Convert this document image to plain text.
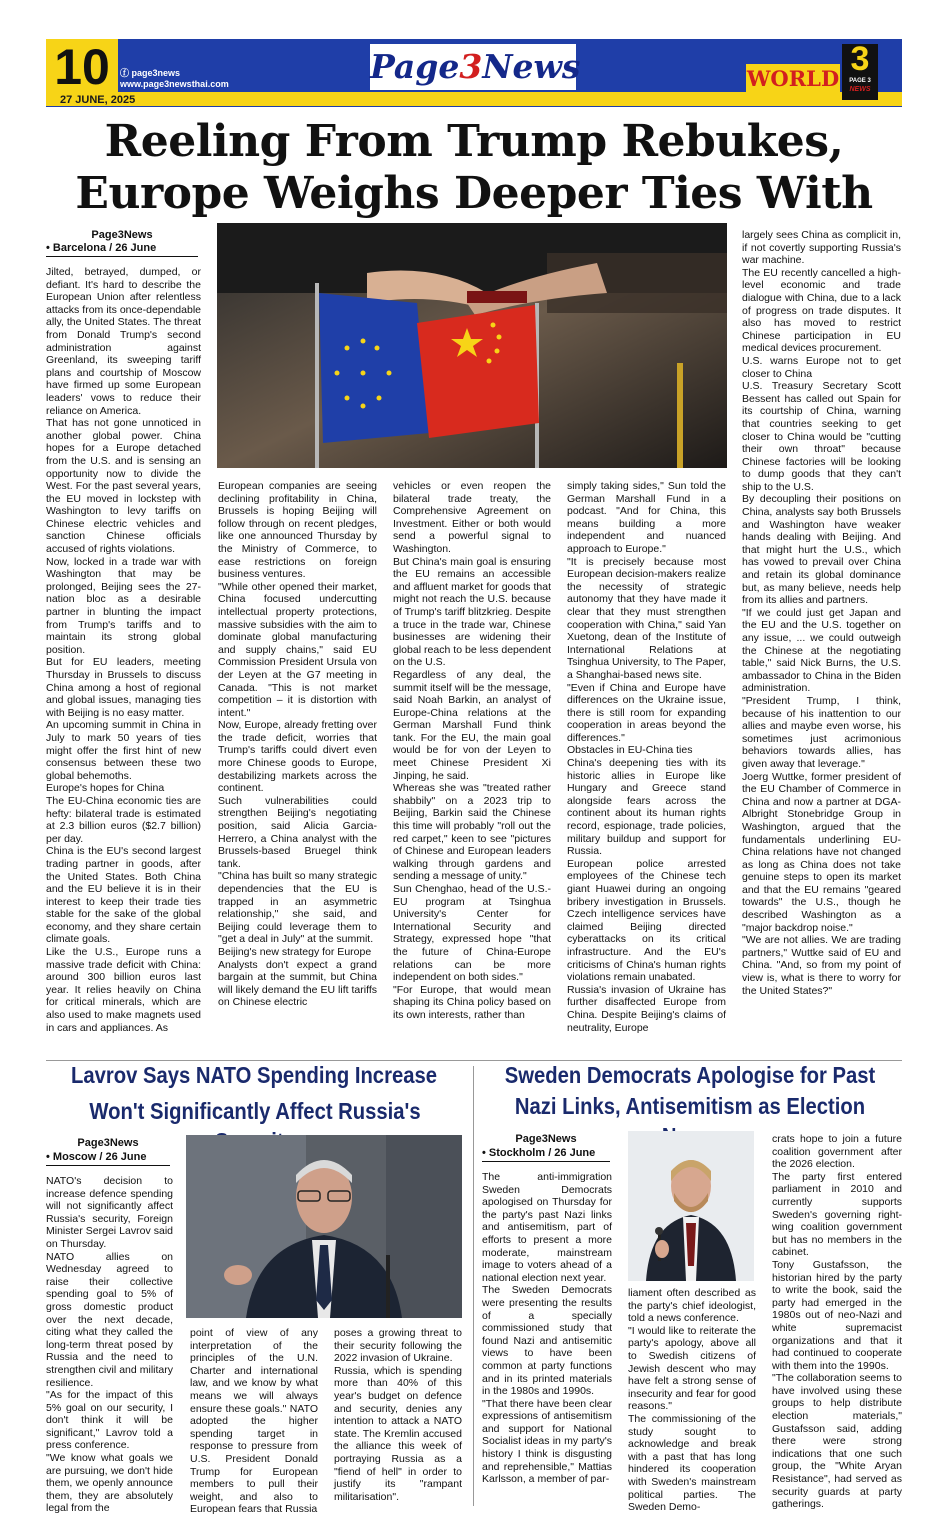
10	ⓕ page3news
www.page3newsthai.com
27 JUNE, 2025
Page3News	WORLD
3
PAGE 3
NEWS
Reeling From Trump Rebukes,
Europe Weighs Deeper Ties With
Page3News
• Barcelona / 26 June

Jilted, betrayed, dumped, or defiant. It's hard to describe the European Union after relentless attacks from its once-dependable ally, the United States. The threat from Donald Trump's second administration against Greenland, its sweeping tariff plans and courtship of Moscow have firmed up some European leaders' vows to reduce their reliance on America.
That has not gone unnoticed in another global power. China hopes for a Europe detached from the U.S. and is sensing an opportunity now to divide the West. For the past several years, the EU moved in lockstep with Washington to levy tariffs on Chinese electric vehicles and sanction Chinese officials accused of rights violations.
Now, locked in a trade war with Washington that may be prolonged, Beijing sees the 27-nation bloc as a desirable partner in blunting the impact from Trump's tariffs and to maintain its strong global position.
But for EU leaders, meeting Thursday in Brussels to discuss China among a host of regional and global issues, managing ties with Beijing is no easy matter.
An upcoming summit in China in July to mark 50 years of ties might offer the first hint of new consensus between these two global behemoths.
Europe's hopes for China
The EU-China economic ties are hefty: bilateral trade is estimated at 2.3 billion euros ($2.7 billion) per day.
China is the EU's second largest trading partner in goods, after the United States. Both China and the EU believe it is in their interest to keep their trade ties stable for the sake of the global economy, and they share certain climate goals.
Like the U.S., Europe runs a massive trade deficit with China: around 300 billion euros last year. It relies heavily on China for critical minerals, which are also used to make magnets used in cars and appliances. As

European companies are seeing declining profitability in China, Brussels is hoping Beijing will follow through on recent pledges, like one announced Thursday by the Ministry of Commerce, to ease restrictions on foreign business ventures.
"While other opened their market, China focused undercutting intellectual property protections, massive subsidies with the aim to dominate global manufacturing and supply chains," said EU Commission President Ursula von der Leyen at the G7 meeting in Canada. "This is not market competition – it is distortion with intent."
Now, Europe, already fretting over the trade deficit, worries that Trump's tariffs could divert even more Chinese goods to Europe, destabilizing markets across the continent.
Such vulnerabilities could strengthen Beijing's negotiating position, said Alicia Garcia-Herrero, a China analyst with the Brussels-based Bruegel think tank.
"China has built so many strategic dependencies that the EU is trapped in an asymmetric relationship," she said, and Beijing could leverage them to "get a deal in July" at the summit.
Beijing's new strategy for Europe
Analysts don't expect a grand bargain at the summit, but China will likely demand the EU lift tariffs on Chinese electric

vehicles or even reopen the bilateral trade treaty, the Comprehensive Agreement on Investment. Either or both would send a powerful signal to Washington.
But China's main goal is ensuring the EU remains an accessible and affluent market for goods that might not reach the U.S. because of Trump's tariff blitzkrieg. Despite a truce in the trade war, Chinese businesses are widening their global reach to be less dependent on the U.S.
Regardless of any deal, the summit itself will be the message, said Noah Barkin, an analyst of Europe-China relations at the German Marshall Fund think tank. For the EU, the main goal would be for von der Leyen to meet Chinese President Xi Jinping, he said.
Whereas she was "treated rather shabbily" on a 2023 trip to Beijing, Barkin said the Chinese this time will probably "roll out the red carpet," keen to see "pictures of Chinese and European leaders walking through gardens and sending a message of unity."
Sun Chenghao, head of the U.S.-EU program at Tsinghua University's Center for International Security and Strategy, expressed hope "that the future of China-Europe relations can be more independent on both sides."
"For Europe, that would mean shaping its China policy based on its own interests, rather than

simply taking sides," Sun told the German Marshall Fund in a podcast. "And for China, this means building a more independent and nuanced approach to Europe."
"It is precisely because most European decision-makers realize the necessity of strategic autonomy that they have made it clear that they must strengthen cooperation with China," said Yan Xuetong, dean of the Institute of International Relations at Tsinghua University, to The Paper, a Shanghai-based news site.
"Even if China and Europe have differences on the Ukraine issue, there is still room for expanding cooperation in areas beyond the differences."
Obstacles in EU-China ties
China's deepening ties with its historic allies in Europe like Hungary and Greece stand alongside fears across the continent about its human rights record, espionage, trade policies, military buildup and support for Russia.
European police arrested employees of the Chinese tech giant Huawei during an ongoing bribery investigation in Brussels. Czech intelligence services have claimed Beijing directed cyberattacks on its critical infrastructure. And the EU's criticisms of China's human rights violations remain unabated.
Russia's invasion of Ukraine has further disaffected Europe from China. Despite Beijing's claims of neutrality, Europe

largely sees China as complicit in, if not covertly supporting Russia's war machine.
The EU recently cancelled a high-level economic and trade dialogue with China, due to a lack of progress on trade disputes. It also has moved to restrict Chinese participation in EU medical devices procurement.
U.S. warns Europe not to get closer to China
U.S. Treasury Secretary Scott Bessent has called out Spain for its courtship of China, warning that countries seeking to get closer to China would be "cutting their own throat" because Chinese factories will be looking to dump goods that they can't ship to the U.S.
By decoupling their positions on China, analysts say both Brussels and Washington have weaker hands dealing with Beijing. And that might hurt the U.S., which has vowed to prevail over China and retain its global dominance but, as many believe, needs help from its allies and partners.
"If we could just get Japan and the EU and the U.S. together on any issue, ... we could outweigh the Chinese at the negotiating table," said Nick Burns, the U.S. ambassador to China in the Biden administration.
"President Trump, I think, because of his inattention to our allies and maybe even worse, his sometimes just acrimonious behaviors towards allies, has given away that leverage."
Joerg Wuttke, former president of the EU Chamber of Commerce in China and now a partner at DGA-Albright Stonebridge Group in Washington, argued that the fundamentals underlining EU-China relations have not changed as long as China does not take genuine steps to open its market and that the EU remains "geared towards" the U.S., though he described Washington as a "major backdrop noise."
"We are not allies. We are trading partners," Wuttke said of EU and China. "And, so from my point of view is, what is there to worry for the United States?"

Lavrov Says NATO Spending Increase
Won't Significantly Affect Russia's
Page3News
• Moscow / 26 June

NATO's decision to increase defence spending will not significantly affect Russia's security, Foreign Minister Sergei Lavrov said on Thursday.
NATO allies on Wednesday agreed to raise their collective spending goal to 5% of gross domestic product over the next decade, citing what they called the long-term threat posed by Russia and the need to strengthen civil and military resilience.
"As for the impact of this 5% goal on our security, I don't think it will be significant," Lavrov told a press conference.
"We know what goals we are pursuing, we don't hide them, we openly announce them, they are absolutely legal from the

point of view of any interpretation of the principles of the U.N. Charter and international law, and we know by what means we will always ensure these goals." NATO adopted the higher spending target in response to pressure from U.S. President Donald Trump for European members to pull their weight, and also to European fears that Russia

poses a growing threat to their security following the 2022 invasion of Ukraine.
Russia, which is spending more than 40% of this year's budget on defence and security, denies any intention to attack a NATO state. The Kremlin accused the alliance this week of portraying Russia as a "fiend of hell" in order to justify its "rampant militarisation".

Sweden Democrats Apologise for Past
Nazi Links, Antisemitism as Election
Page3News
• Stockholm / 26 June

The anti-immigration Sweden Democrats apologised on Thursday for the party's past Nazi links and antisemitism, part of efforts to present a more moderate, mainstream image to voters ahead of a national election next year.
The Sweden Democrats were presenting the results of a specially commissioned study that found Nazi and antisemitic views to have been common at party functions and in its printed materials in the 1980s and 1990s.
"That there have been clear expressions of antisemitism and support for National Socialist ideas in my party's history I think is disgusting and reprehensible," Mattias Karlsson, a member of par-

liament often described as the party's chief ideologist, told a news conference.
"I would like to reiterate the party's apology, above all to Swedish citizens of Jewish descent who may have felt a strong sense of insecurity and fear for good reasons."
The commissioning of the study sought to acknowledge and break with a past that has long hindered its cooperation with Sweden's mainstream political parties. The Sweden Demo-

crats hope to join a future coalition government after the 2026 election.
The party first entered parliament in 2010 and currently supports Sweden's governing right-wing coalition government but has no members in the cabinet.
Tony Gustafsson, the historian hired by the party to write the book, said the party had emerged in the 1980s out of neo-Nazi and white supremacist organizations and that it had continued to cooperate with them into the 1990s.
"The collaboration seems to have involved using these groups to help distribute election materials," Gustafsson said, adding there were strong indications that one such group, the "White Aryan Resistance", had served as security guards at party gatherings.
